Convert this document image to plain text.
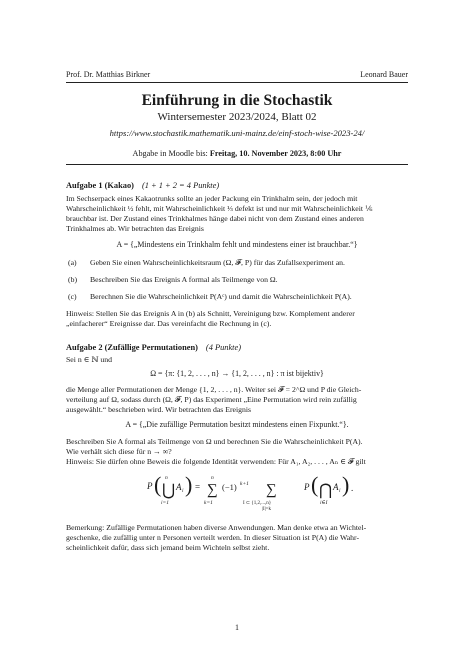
Prof. Dr. Matthias Birkner	Leonard Bauer
Einführung in die Stochastik
Wintersemester 2023/2024, Blatt 02
https://www.stochastik.mathematik.uni-mainz.de/einf-stoch-wise-2023-24/
Abgabe in Moodle bis: Freitag, 10. November 2023, 8:00 Uhr
Aufgabe 1 (Kakao) (1 + 1 + 2 = 4 Punkte)
Im Sechserpack eines Kakaotrunks sollte an jeder Packung ein Trinkhalm sein, der jedoch mit
Wahrscheinlichkeit ½ fehlt, mit Wahrscheinlichkeit ⅓ defekt ist und nur mit Wahrscheinlichkeit ⅙
brauchbar ist. Der Zustand eines Trinkhalmes hänge dabei nicht von dem Zustand eines anderen
Trinkhalmes ab. Wir betrachten das Ereignis
A = {„Mindestens ein Trinkhalm fehlt und mindestens einer ist brauchbar.“}
(a) Geben Sie einen Wahrscheinlichkeitsraum (Ω, 𝓕, P) für das Zufallsexperiment an.
(b) Beschreiben Sie das Ereignis A formal als Teilmenge von Ω.
(c) Berechnen Sie die Wahrscheinlichkeit P(Aᶜ) und damit die Wahrscheinlichkeit P(A).
Hinweis: Stellen Sie das Ereignis A in (b) als Schnitt, Vereinigung bzw. Komplement anderer
„einfacherer“ Ereignisse dar. Das vereinfacht die Rechnung in (c).
Aufgabe 2 (Zufällige Permutationen) (4 Punkte)
Sei n ∈ ℕ und
Ω = {π: {1, 2, . . . , n} → {1, 2, . . . , n} : π ist bijektiv}
die Menge aller Permutationen der Menge {1, 2, . . . , n}. Weiter sei 𝓕 = 2^Ω und P die Gleich-
verteilung auf Ω, sodass durch (Ω, 𝓕, P) das Experiment „Eine Permutation wird rein zufällig
ausgewählt.“ beschrieben wird. Wir betrachten das Ereignis
A = {„Die zufällige Permutation besitzt mindestens einen Fixpunkt.“}.
Beschreiben Sie A formal als Teilmenge von Ω und berechnen Sie die Wahrscheinlichkeit P(A).
Wie verhält sich diese für n → ∞?
Hinweis: Sie dürfen ohne Beweis die folgende Identität verwenden: Für A₁, A₂, . . . , Aₙ ∈ 𝓕 gilt
P ( ⋃
n
i=1
A i ) = ∑
n
k=1
(−1) k+1 ∑
I ⊂ {1,2,...,n}
|I|=k
P ( ⋂
i∈I
A i ) .
Bemerkung: Zufällige Permutationen haben diverse Anwendungen. Man denke etwa an Wichtel-
geschenke, die zufällig unter n Personen verteilt werden. In dieser Situation ist P(A) die Wahr-
scheinlichkeit dafür, dass sich jemand beim Wichteln selbst zieht.
1
